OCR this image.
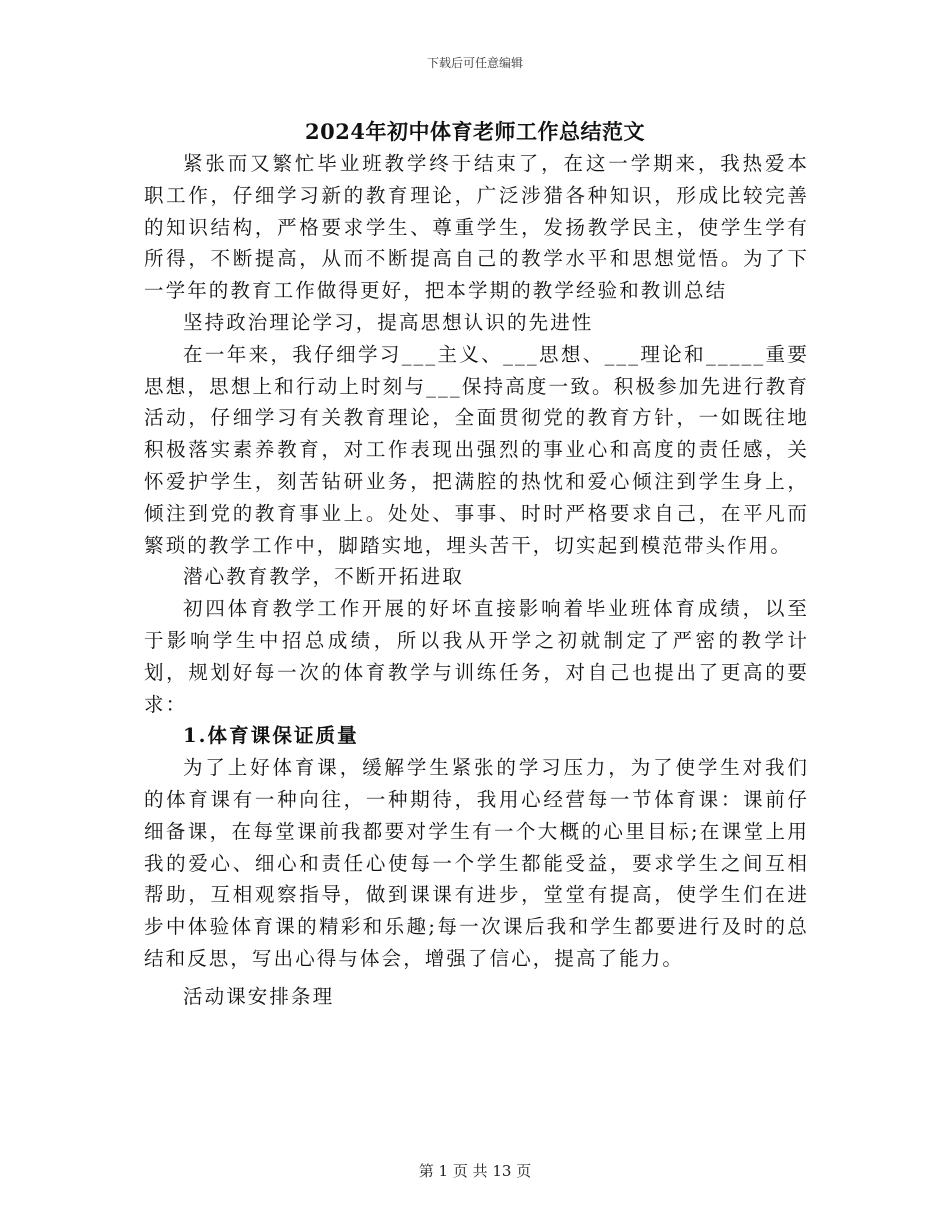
下载后可任意编辑
2024年初中体育老师工作总结范文

紧张而又繁忙毕业班教学终于结束了，在这一学期来，我热爱本职工作，仔细学习新的教育理论，广泛涉猎各种知识，形成比较完善的知识结构，严格要求学生、尊重学生，发扬教学民主，使学生学有所得，不断提高，从而不断提高自己的教学水平和思想觉悟。为了下一学年的教育工作做得更好，把本学期的教学经验和教训总结

坚持政治理论学习，提高思想认识的先进性

在一年来，我仔细学习___主义、___思想、___理论和_____重要思想，思想上和行动上时刻与___保持高度一致。积极参加先进行教育活动，仔细学习有关教育理论，全面贯彻党的教育方针，一如既往地积极落实素养教育，对工作表现出强烈的事业心和高度的责任感，关怀爱护学生，刻苦钻研业务，把满腔的热忱和爱心倾注到学生身上，倾注到党的教育事业上。处处、事事、时时严格要求自己，在平凡而繁琐的教学工作中，脚踏实地，埋头苦干，切实起到模范带头作用。

潜心教育教学，不断开拓进取

初四体育教学工作开展的好坏直接影响着毕业班体育成绩，以至于影响学生中招总成绩，所以我从开学之初就制定了严密的教学计划，规划好每一次的体育教学与训练任务，对自己也提出了更高的要求：

1.体育课保证质量

为了上好体育课，缓解学生紧张的学习压力，为了使学生对我们的体育课有一种向往，一种期待，我用心经营每一节体育课：课前仔细备课，在每堂课前我都要对学生有一个大概的心里目标;在课堂上用我的爱心、细心和责任心使每一个学生都能受益，要求学生之间互相帮助，互相观察指导，做到课课有进步，堂堂有提高，使学生们在进步中体验体育课的精彩和乐趣;每一次课后我和学生都要进行及时的总结和反思，写出心得与体会，增强了信心，提高了能力。

活动课安排条理

第 1 页 共 13 页
